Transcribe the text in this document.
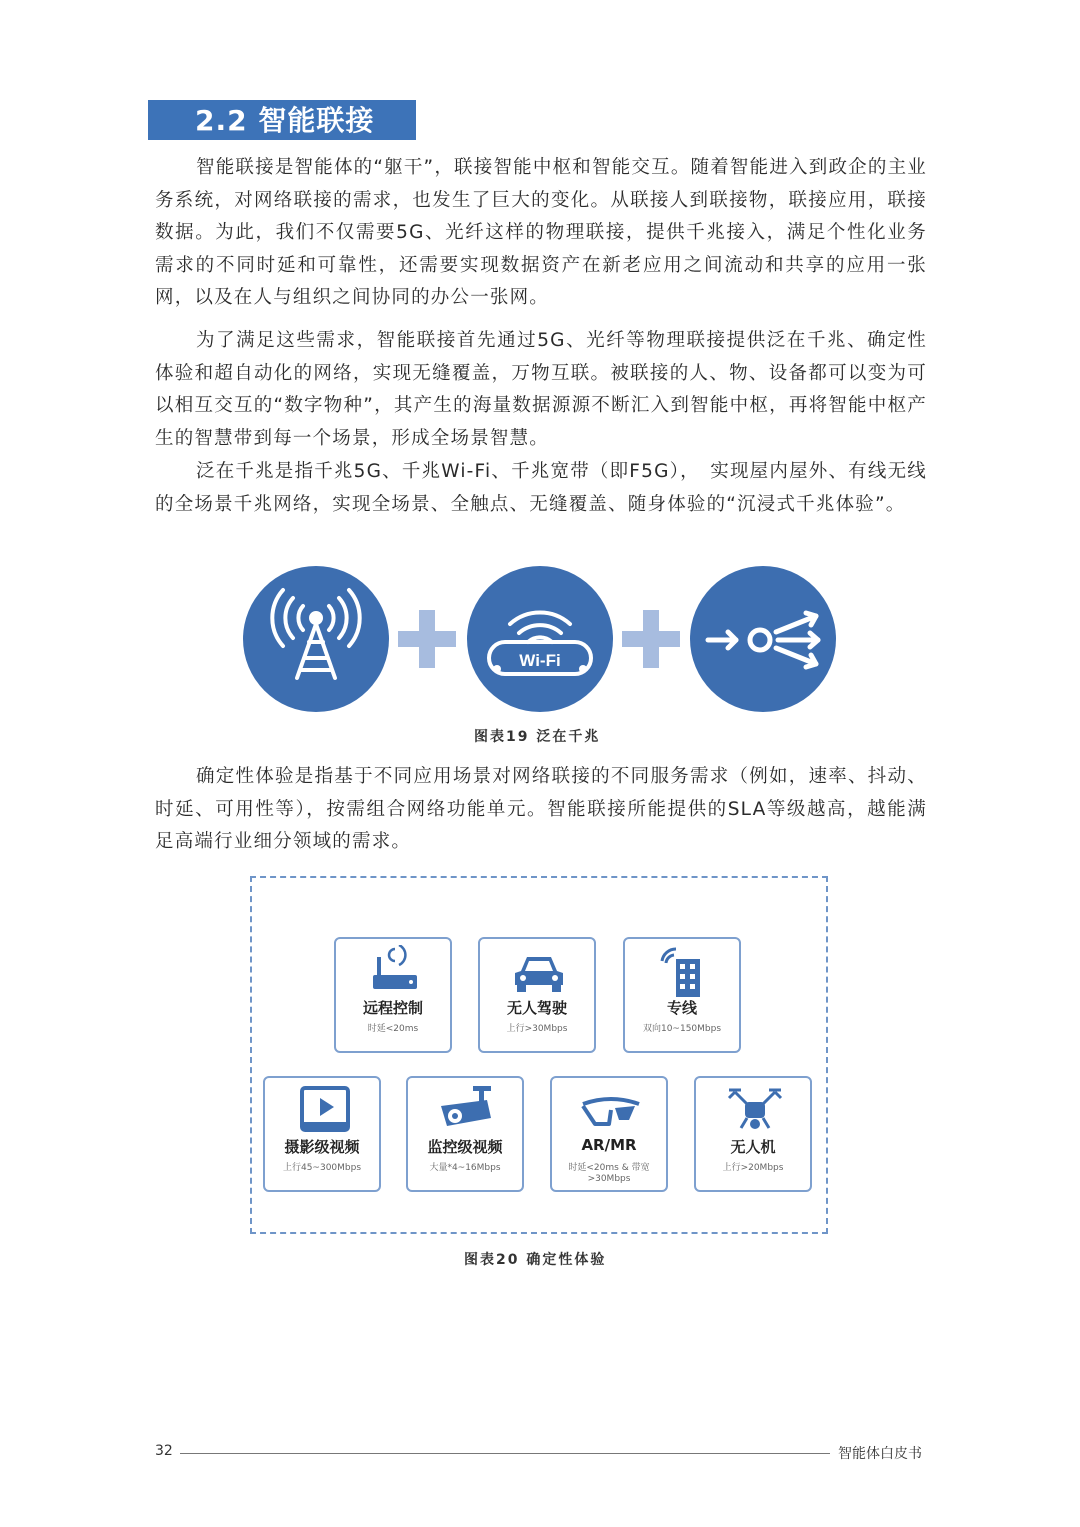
2.2 智能联接

智能联接是智能体的“躯干”，联接智能中枢和智能交互。随着智能进入到政企的主业务系统，对网络联接的需求，也发生了巨大的变化。从联接人到联接物，联接应用，联接数据。为此，我们不仅需要5G、光纤这样的物理联接，提供千兆接入，满足个性化业务需求的不同时延和可靠性，还需要实现数据资产在新老应用之间流动和共享的应用一张网，以及在人与组织之间协同的办公一张网。

为了满足这些需求，智能联接首先通过5G、光纤等物理联接提供泛在千兆、确定性体验和超自动化的网络，实现无缝覆盖，万物互联。被联接的人、物、设备都可以变为可以相互交互的“数字物种”，其产生的海量数据源源不断汇入到智能中枢，再将智能中枢产生的智慧带到每一个场景，形成全场景智慧。

泛在千兆是指千兆5G、千兆Wi-Fi、千兆宽带（即F5G），　实现屋内屋外、有线无线的全场景千兆网络，实现全场景、全触点、无缝覆盖、随身体验的“沉浸式千兆体验”。

Wi-Fi
图表19 泛在千兆

确定性体验是指基于不同应用场景对网络联接的不同服务需求（例如，速率、抖动、时延、可用性等），按需组合网络功能单元。智能联接所能提供的SLA等级越高，越能满足高端行业细分领域的需求。

远程控制
时延<20ms
无人驾驶
上行>30Mbps
专线
双向10~150Mbps
摄影级视频
上行45~300Mbps
监控级视频
大量*4~16Mbps
AR/MR
时延<20ms & 带宽>30Mbps
无人机
上行>20Mbps
图表20 确定性体验
32	智能体白皮书
